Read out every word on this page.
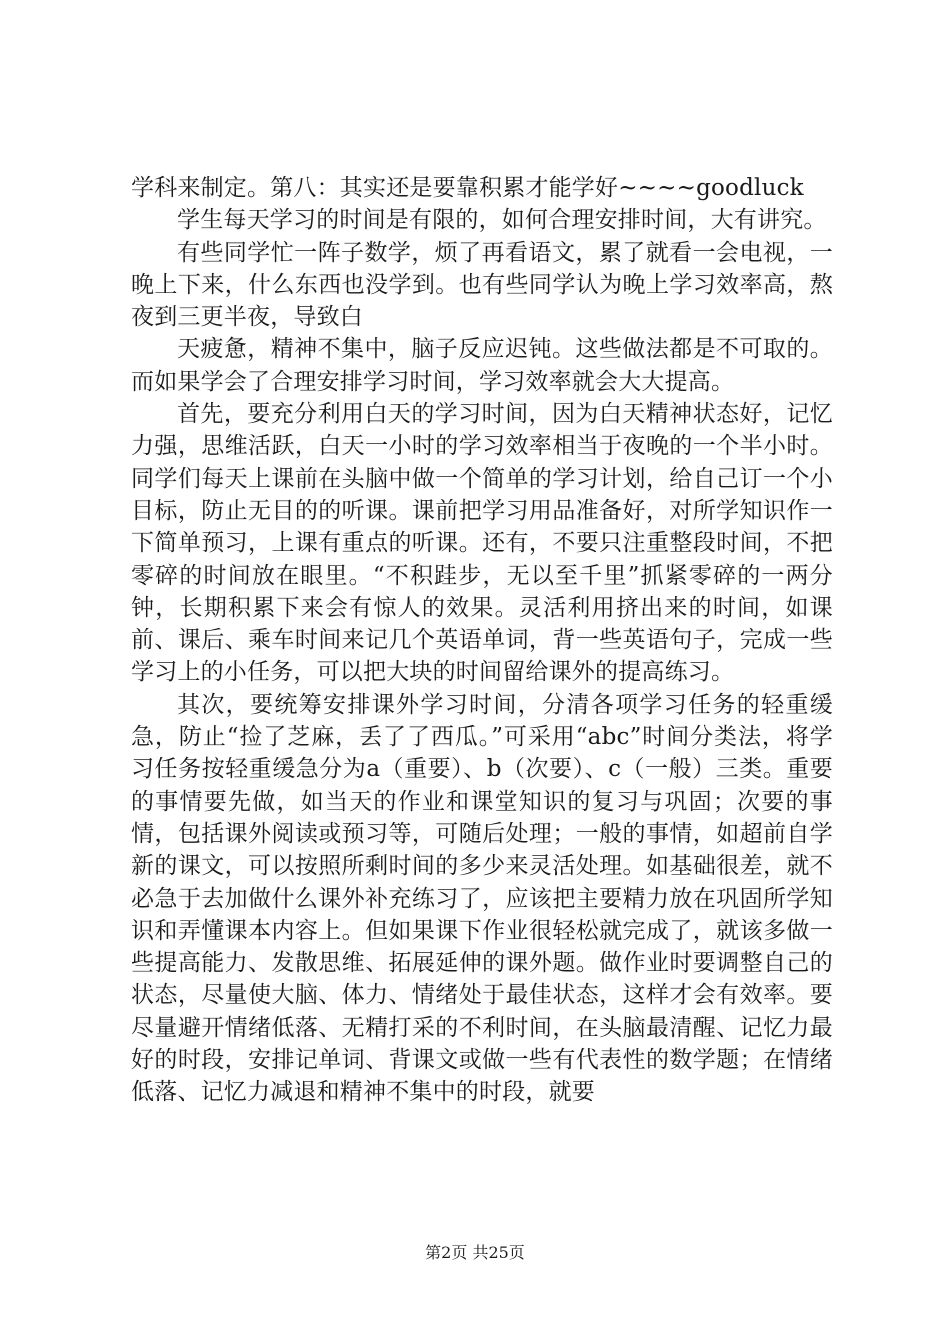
学科来制定。第八：其实还是要靠积累才能学好~~~~goodluck

学生每天学习的时间是有限的，如何合理安排时间，大有讲究。

有些同学忙一阵子数学，烦了再看语文，累了就看一会电视，一晚上下来，什么东西也没学到。也有些同学认为晚上学习效率高，熬夜到三更半夜，导致白

天疲惫，精神不集中，脑子反应迟钝。这些做法都是不可取的。而如果学会了合理安排学习时间，学习效率就会大大提高。

首先，要充分利用白天的学习时间，因为白天精神状态好，记忆力强，思维活跃，白天一小时的学习效率相当于夜晚的一个半小时。同学们每天上课前在头脑中做一个简单的学习计划，给自己订一个小目标，防止无目的的听课。课前把学习用品准备好，对所学知识作一下简单预习，上课有重点的听课。还有，不要只注重整段时间，不把零碎的时间放在眼里。“不积跬步，无以至千里”抓紧零碎的一两分钟，长期积累下来会有惊人的效果。灵活利用挤出来的时间，如课前、课后、乘车时间来记几个英语单词，背一些英语句子，完成一些学习上的小任务，可以把大块的时间留给课外的提高练习。

其次，要统筹安排课外学习时间，分清各项学习任务的轻重缓急，防止“捡了芝麻，丢了了西瓜。”可采用“abc”时间分类法，将学习任务按轻重缓急分为a（重要）、b（次要）、c（一般）三类。重要的事情要先做，如当天的作业和课堂知识的复习与巩固；次要的事情，包括课外阅读或预习等，可随后处理；一般的事情，如超前自学新的课文，可以按照所剩时间的多少来灵活处理。如基础很差，就不必急于去加做什么课外补充练习了，应该把主要精力放在巩固所学知识和弄懂课本内容上。但如果课下作业很轻松就完成了，就该多做一些提高能力、发散思维、拓展延伸的课外题。做作业时要调整自己的状态，尽量使大脑、体力、情绪处于最佳状态，这样才会有效率。要尽量避开情绪低落、无精打采的不利时间，在头脑最清醒、记忆力最好的时段，安排记单词、背课文或做一些有代表性的数学题；在情绪低落、记忆力减退和精神不集中的时段，就要

第2页 共25页
